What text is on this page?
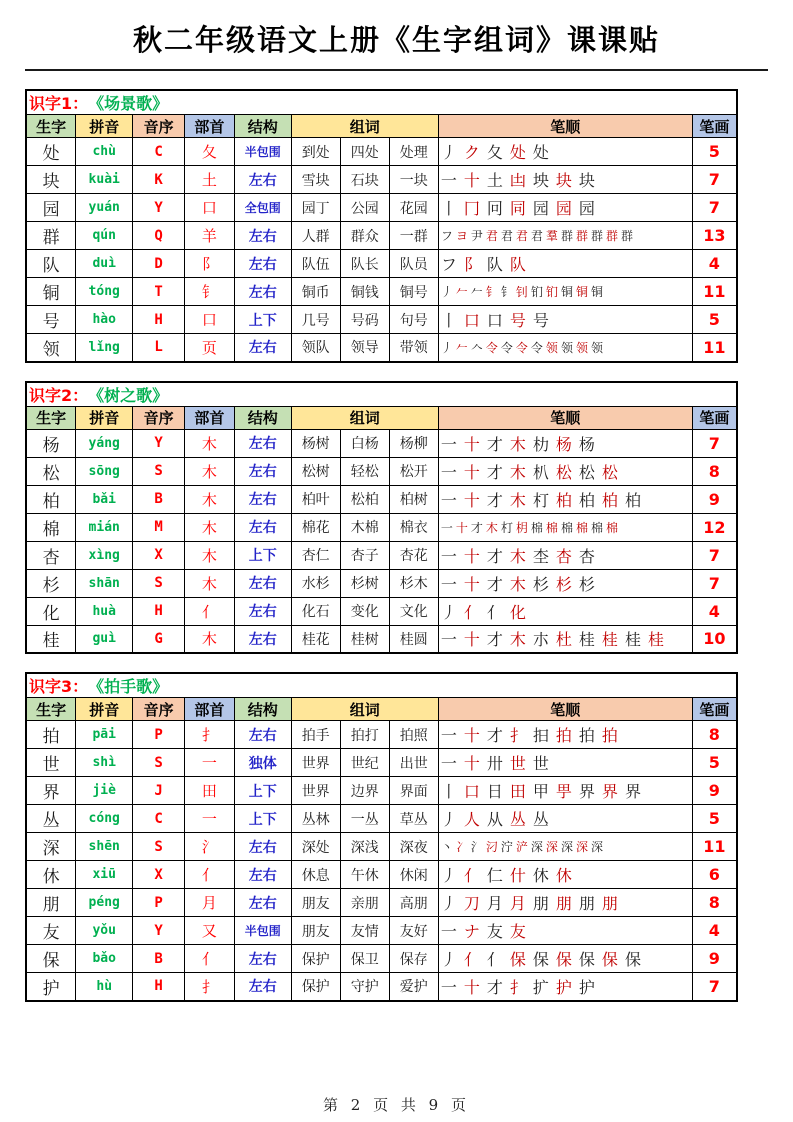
秋二年级语文上册《生字组词》课课贴
识字1： 《场景歌》									
生字	拼音	音序	部首	结构	组词			笔顺	笔画
处	chù	C	夂	半包围	到处	四处	处理	丿 ク 夂 处 处	5
块	kuài	K	土	左右	雪块	石块	一块	一 十 土 凷 坱 块 块	7
园	yuán	Y	口	全包围	园丁	公园	花园	丨 冂 冋 同 园 园 园	7
群	qún	Q	羊	左右	人群	群众	一群	フ ヨ 尹 君 君 君 君 羣 群 群 群 群 群	13
队	duì	D	阝	左右	队伍	队长	队员	フ 阝 队 队	4
铜	tóng	T	钅	左右	铜币	铜钱	铜号	丿 𠂉 𠂉 钅 钅 钊 钔 钔 铜 铜 铜	11
号	hào	H	口	上下	几号	号码	句号	丨 口 口 号 号	5
领	lǐng	L	页	左右	领队	领导	带领	丿 𠂉 𠆢 令 令 令 令 领 领 领 领	11
识字2： 《树之歌》									
生字	拼音	音序	部首	结构	组词			笔顺	笔画
杨	yáng	Y	木	左右	杨树	白杨	杨柳	一 十 才 木 朸 杨 杨	7
松	sōng	S	木	左右	松树	轻松	松开	一 十 才 木 朳 松 松 松	8
柏	bǎi	B	木	左右	柏叶	松柏	柏树	一 十 才 木 朾 柏 柏 柏 柏	9
棉	mián	M	木	左右	棉花	木棉	棉衣	一 十 才 木 朾 枂 棉 棉 棉 棉 棉 棉	12
杏	xìng	X	木	上下	杏仁	杏子	杏花	一 十 才 木 杢 杏 杏	7
杉	shān	S	木	左右	水杉	杉树	杉木	一 十 才 木 杉 杉 杉	7
化	huà	H	亻	左右	化石	变化	文化	丿 亻 亻 化	4
桂	guì	G	木	左右	桂花	桂树	桂圆	一 十 才 木 朩 杜 桂 桂 桂 桂	10
识字3： 《拍手歌》									
生字	拼音	音序	部首	结构	组词			笔顺	笔画
拍	pāi	P	扌	左右	拍手	拍打	拍照	一 十 才 扌 抇 拍 拍 拍	8
世	shì	S	一	独体	世界	世纪	出世	一 十 卅 世 世	5
界	jiè	J	田	上下	世界	边界	界面	丨 口 日 田 甲 甼 界 界 界	9
丛	cóng	C	一	上下	丛林	一丛	草丛	丿 人 从 丛 丛	5
深	shēn	S	氵	左右	深处	深浅	深夜	丶 冫 氵 汈 泞 浐 深 深 深 深 深	11
休	xiū	X	亻	左右	休息	午休	休闲	丿 亻 仁 什 休 休	6
朋	péng	P	月	左右	朋友	亲朋	高朋	丿 刀 月 月 朋 朋 朋 朋	8
友	yǒu	Y	又	半包围	朋友	友情	友好	一 ナ 友 友	4
保	bǎo	B	亻	左右	保护	保卫	保存	丿 亻 亻 保 保 保 保 保 保	9
护	hù	H	扌	左右	保护	守护	爱护	一 十 才 扌 扩 护 护	7
第 2 页 共 9 页
